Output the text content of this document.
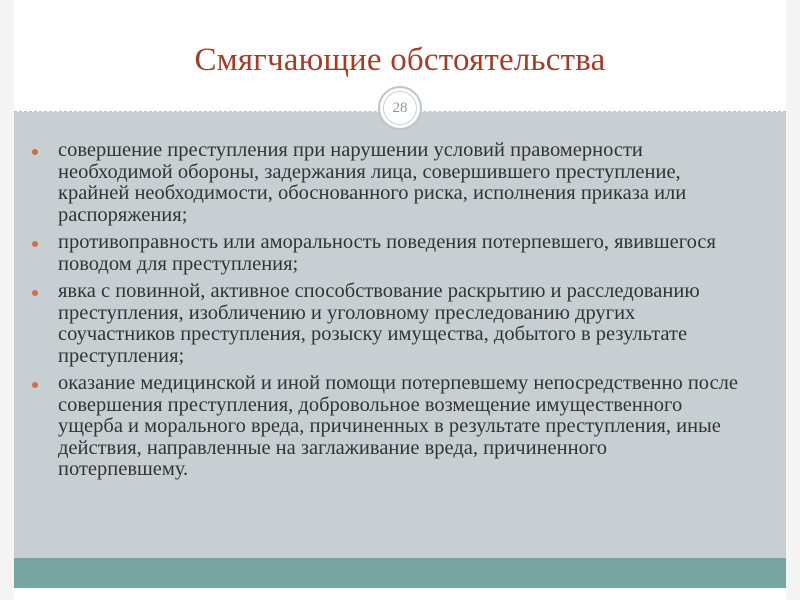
Смягчающие обстоятельства
28
совершение преступления при нарушении условий правомерности необходимой обороны, задержания лица, совершившего преступление, крайней необходимости, обоснованного риска, исполнения приказа или распоряжения;
противоправность или аморальность поведения потерпевшего, явившегося поводом для преступления;
явка с повинной, активное способствование раскрытию и расследованию преступления, изобличению и уголовному преследованию других соучастников преступления, розыску имущества, добытого в результате преступления;
оказание медицинской и иной помощи потерпевшему непосредственно после совершения преступления, добровольное возмещение имущественного ущерба и морального вреда, причиненных в результате преступления, иные действия, направленные на заглаживание вреда, причиненного потерпевшему.
